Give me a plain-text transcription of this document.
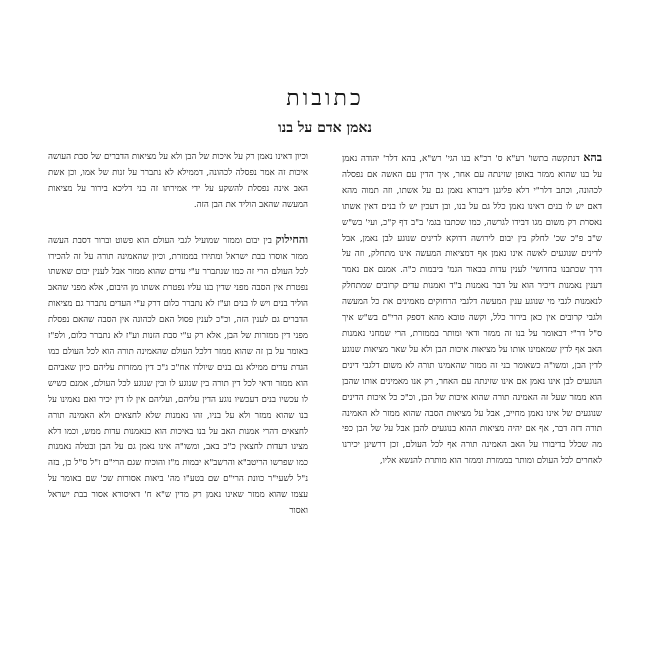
כתובות
נאמן אדם על בנו

בהא דנתקשה בתשו' רע"א ס' רכ"א בנו הגי' רש"א, בהא דלר' יהודה נאמן על בנו שהוא ממזר באופן שזינתה עם אחר, איך הדין עם האשה אם נפסלה לכהונה, וכתב דלר"י דלא פליגנן דיבורא נאמן גם על אשתו, וזה תמוה מהא דאם יש לו בנים דאינו נאמן כלל גם על בנו, ובן דעכין יש לו בנים דאין אשתו נאסרת רק משום מגו דבידו לגרשה, כמו שכתבו בגמ' ב"ב דף ק"כ, ועי' בש"ש ש"ב פ"כ שכ' לחלק בין יבום לירושה דדוקא לדינים שנוגע לבן נאמן, אבל לדינים שנוגעים לאשה אינו נאמן אף דמציאות המעשה אינו מתחלק, וזה על דרך שכתבנו בחדושי' לענין עדות בבאור הגמ' ביבמות כ"ה. אמנם אם נאמר דענין נאמנות דיכיר הוא על דבר נאמנות ב"ד ואמנות עדים קרובים שמתחלק לנאמנות לגבי מי שנוגע ענין המעשה דלגבי הרחוקים מאמינים את כל המעשה ולגבי קרובים אין כאן בירור כלל, וקשה טובא מהא דספק הרי"ם בש"ש איך ס"ל דר"י דבאומר על בנו זה ממזר ודאי ומותר בממזרת, הרי שמחני נאמנות האב אף לדין שמאמינו אותו על מציאות איכות הבן ולא על שאר מציאות שנוגע לדין הבן, ומשו"ה כשאומר בני זה ממזר שהאמינו תורה לא משום דלגבי דינים הנוגעים לבן אינו נאמן אם אינו שזינתה עם האחר, רק אנו מאמינים אותו שהבן הוא ממזר שעל זה האמינה תורה שהוא איכות של הבן, וכ"כ כל איכות הדינים שנוגעים של אינו נאמן מחייב, אבל על מציאות הסבה שהוא ממזר לא האמינה תורה דזה דבר, אף אם יהיה מציאות ההוא בנוגעים להבן אבל על של הבן כפי מה שכלל בדיבורו על האב האמינה תורה אף לכל העולם, זכן דרשינן יכירנו לאחרים לכל העולם ומותר בממזרת וממזר הוא מותרת להנשא אליו,

וכיון דאינו נאמן רק על איכות של הבן ולא על מציאות הדברים של סבת העושה איכות זה אמר נפסלה לכהונה, דממילא לא נתברר על זנות של אמו, וכן אשת האב אינה נפסלת להשקע על ידי אמירתו זה בני דליכא בירור על מציאות המעשה שהאב הוליד את הבן הזה.

והחילוק בין יבום וממזר שמועיל לגבי העולם הוא פשוט וברור דסבת העשה ממזר אוסרו בבת ישראל ומתירו בממזרת, וכיון שהאמינה תורה על זה להכירו לכל העולם הרי זה כמו שנתברר ע"י עדים שהוא ממזר אבל לענין יבום שאשתו נפטרת אין הסבה מפני שדין בנו עליו נפטרת אשתו מן היבום, אלא מפני שהאב הוליד בנים ויש לו בנים וע"ז לא נתברר כלום דרק ע"י העדים נתברר גם מציאות הדברים גם לענין הזה, וכ"כ לענין פסול האם לכהונה אין הסבה שהאם נפסלת מפני דין ממזרות של הבן, אלא רק ע"י סבת הזנות וע"ז לא נתברר כלום, ולפ"ז באומר על בן זה שהוא ממזר דלכל העולם שהאמינה תורה הוא לכל העולם כמו הגדת עדים ממילא גם בנים שיולדו אח"כ ג"כ דין ממזרות עליהם כיון שאביהם הוא ממזר ודאי לכל דין תורה בין שנוגע לו ובין שנוגע לכל העולם, אמנם כשיש לו עכשיו בנים דעכשיו נוגע הדין עליהם, ועליהם אין לו דין יכיר ואם נאמינו על בנו שהוא ממזר ולא על בניו, זהו נאמנות שלא לחצאים ולא האמינה תורה לחצאים דהרי אמנות האב על בנו באיכות הוא כנאמנות עדות ממש, וכמו דלא מצינו דעדות לחצאין כ"כ באב, ומשו"ה אינו נאמן גם על הבן ובטלה נאמנות כמו שפרשו הריטב"א והרשב"א יבמות מ"ז והוכיח שגם הרי"ם ז"ל ס"ל כן, בזה נ"ל לשעי"ר כוונת הרי"ם שם בטע"ו מה' ביאות אסורות שכ' שם באומר על עצמו שהוא ממזר שאינו נאמן רק מדין ש"א ח' דאיסורא אסור בבת ישראל ואסור
